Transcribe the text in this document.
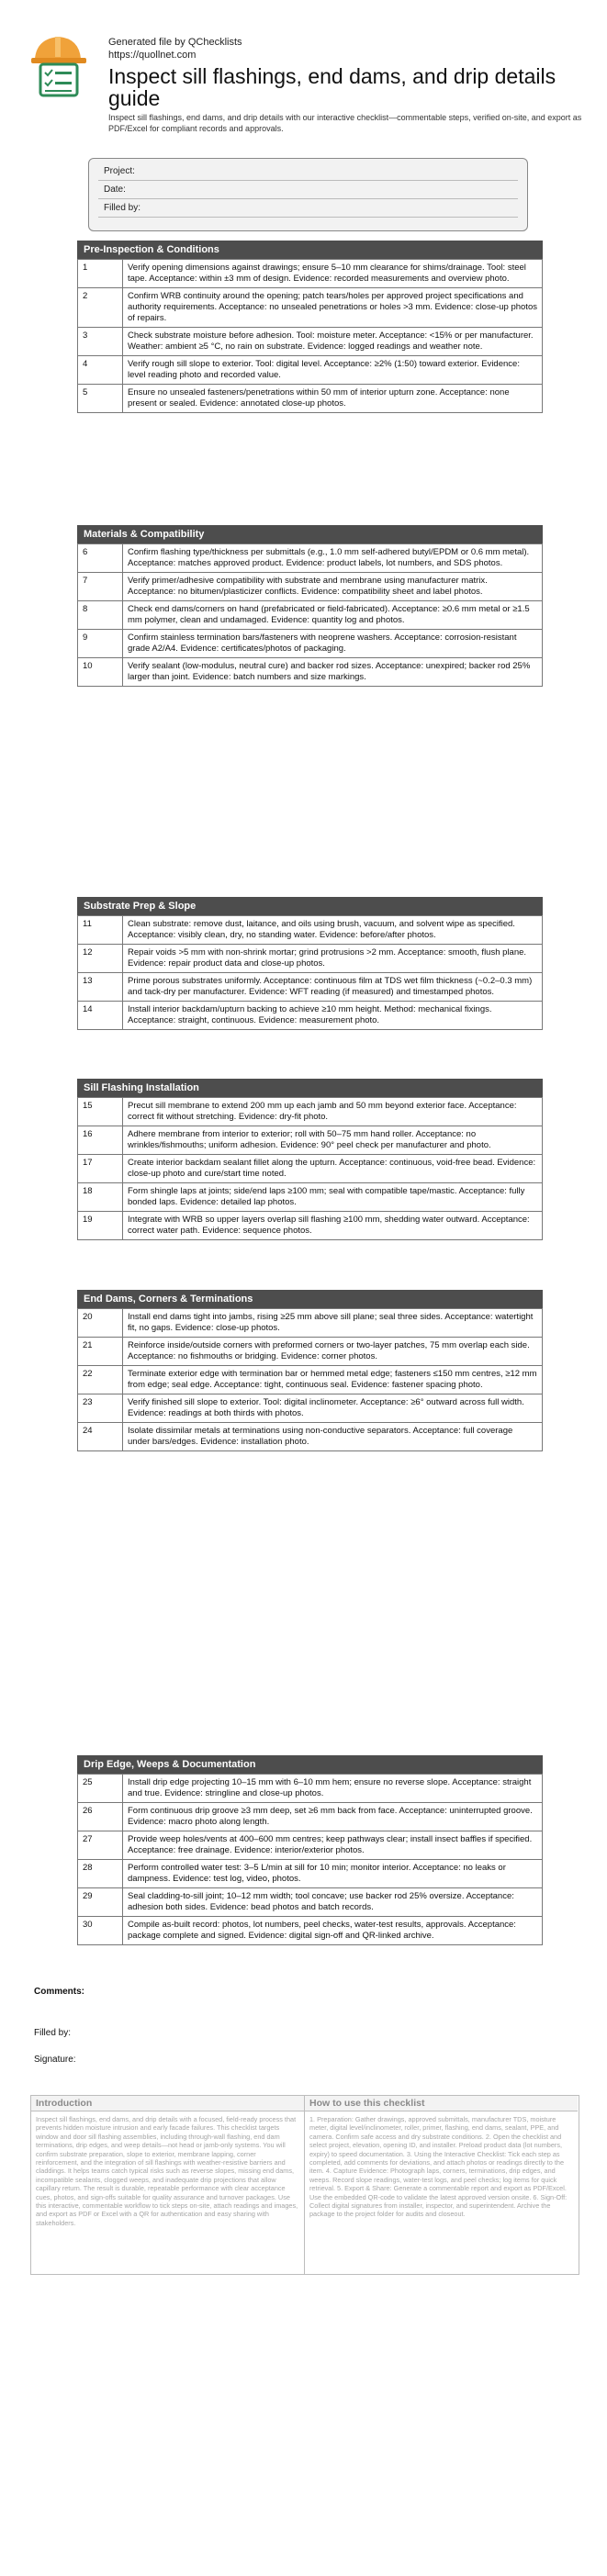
Generated file by QChecklists
https://quollnet.com
Inspect sill flashings, end dams, and drip details guide
Inspect sill flashings, end dams, and drip details with our interactive checklist—commentable steps, verified on-site, and export as PDF/Excel for compliant records and approvals.
Project:
Date:
Filled by:
Pre-Inspection & Conditions
1	Verify opening dimensions against drawings; ensure 5–10 mm clearance for shims/drainage. Tool: steel tape. Acceptance: within ±3 mm of design. Evidence: recorded measurements and overview photo.
2	Confirm WRB continuity around the opening; patch tears/holes per approved project specifications and authority requirements. Acceptance: no unsealed penetrations or holes >3 mm. Evidence: close-up photos of repairs.
3	Check substrate moisture before adhesion. Tool: moisture meter. Acceptance: <15% or per manufacturer. Weather: ambient ≥5 °C, no rain on substrate. Evidence: logged readings and weather note.
4	Verify rough sill slope to exterior. Tool: digital level. Acceptance: ≥2% (1:50) toward exterior. Evidence: level reading photo and recorded value.
5	Ensure no unsealed fasteners/penetrations within 50 mm of interior upturn zone. Acceptance: none present or sealed. Evidence: annotated close-up photos.
Materials & Compatibility
6	Confirm flashing type/thickness per submittals (e.g., 1.0 mm self-adhered butyl/EPDM or 0.6 mm metal). Acceptance: matches approved product. Evidence: product labels, lot numbers, and SDS photos.
7	Verify primer/adhesive compatibility with substrate and membrane using manufacturer matrix. Acceptance: no bitumen/plasticizer conflicts. Evidence: compatibility sheet and label photos.
8	Check end dams/corners on hand (prefabricated or field-fabricated). Acceptance: ≥0.6 mm metal or ≥1.5 mm polymer, clean and undamaged. Evidence: quantity log and photos.
9	Confirm stainless termination bars/fasteners with neoprene washers. Acceptance: corrosion-resistant grade A2/A4. Evidence: certificates/photos of packaging.
10	Verify sealant (low-modulus, neutral cure) and backer rod sizes. Acceptance: unexpired; backer rod 25% larger than joint. Evidence: batch numbers and size markings.
Substrate Prep & Slope
11	Clean substrate: remove dust, laitance, and oils using brush, vacuum, and solvent wipe as specified. Acceptance: visibly clean, dry, no standing water. Evidence: before/after photos.
12	Repair voids >5 mm with non-shrink mortar; grind protrusions >2 mm. Acceptance: smooth, flush plane. Evidence: repair product data and close-up photos.
13	Prime porous substrates uniformly. Acceptance: continuous film at TDS wet film thickness (~0.2–0.3 mm) and tack-dry per manufacturer. Evidence: WFT reading (if measured) and timestamped photos.
14	Install interior backdam/upturn backing to achieve ≥10 mm height. Method: mechanical fixings. Acceptance: straight, continuous. Evidence: measurement photo.
Sill Flashing Installation
15	Precut sill membrane to extend 200 mm up each jamb and 50 mm beyond exterior face. Acceptance: correct fit without stretching. Evidence: dry-fit photo.
16	Adhere membrane from interior to exterior; roll with 50–75 mm hand roller. Acceptance: no wrinkles/fishmouths; uniform adhesion. Evidence: 90° peel check per manufacturer and photo.
17	Create interior backdam sealant fillet along the upturn. Acceptance: continuous, void-free bead. Evidence: close-up photo and cure/start time noted.
18	Form shingle laps at joints; side/end laps ≥100 mm; seal with compatible tape/mastic. Acceptance: fully bonded laps. Evidence: detailed lap photos.
19	Integrate with WRB so upper layers overlap sill flashing ≥100 mm, shedding water outward. Acceptance: correct water path. Evidence: sequence photos.
End Dams, Corners & Terminations
20	Install end dams tight into jambs, rising ≥25 mm above sill plane; seal three sides. Acceptance: watertight fit, no gaps. Evidence: close-up photos.
21	Reinforce inside/outside corners with preformed corners or two-layer patches, 75 mm overlap each side. Acceptance: no fishmouths or bridging. Evidence: corner photos.
22	Terminate exterior edge with termination bar or hemmed metal edge; fasteners ≤150 mm centres, ≥12 mm from edge; seal edge. Acceptance: tight, continuous seal. Evidence: fastener spacing photo.
23	Verify finished sill slope to exterior. Tool: digital inclinometer. Acceptance: ≥6° outward across full width. Evidence: readings at both thirds with photos.
24	Isolate dissimilar metals at terminations using non-conductive separators. Acceptance: full coverage under bars/edges. Evidence: installation photo.
Drip Edge, Weeps & Documentation
25	Install drip edge projecting 10–15 mm with 6–10 mm hem; ensure no reverse slope. Acceptance: straight and true. Evidence: stringline and close-up photos.
26	Form continuous drip groove ≥3 mm deep, set ≥6 mm back from face. Acceptance: uninterrupted groove. Evidence: macro photo along length.
27	Provide weep holes/vents at 400–600 mm centres; keep pathways clear; install insect baffles if specified. Acceptance: free drainage. Evidence: interior/exterior photos.
28	Perform controlled water test: 3–5 L/min at sill for 10 min; monitor interior. Acceptance: no leaks or dampness. Evidence: test log, video, photos.
29	Seal cladding-to-sill joint; 10–12 mm width; tool concave; use backer rod 25% oversize. Acceptance: adhesion both sides. Evidence: bead photos and batch records.
30	Compile as-built record: photos, lot numbers, peel checks, water-test results, approvals. Acceptance: package complete and signed. Evidence: digital sign-off and QR-linked archive.
Comments:
Filled by:
Signature:
Introduction
Inspect sill flashings, end dams, and drip details with a focused, field-ready process that prevents hidden moisture intrusion and early facade failures. This checklist targets window and door sill flashing assemblies, including through-wall flashing, end dam terminations, drip edges, and weep details—not head or jamb-only systems. You will confirm substrate preparation, slope to exterior, membrane lapping, corner reinforcement, and the integration of sill flashings with weather-resistive barriers and claddings. It helps teams catch typical risks such as reverse slopes, missing end dams, incompatible sealants, clogged weeps, and inadequate drip projections that allow capillary return. The result is durable, repeatable performance with clear acceptance cues, photos, and sign-offs suitable for quality assurance and turnover packages. Use this interactive, commentable workflow to tick steps on-site, attach readings and images, and export as PDF or Excel with a QR for authentication and easy sharing with stakeholders.
How to use this checklist
1. Preparation: Gather drawings, approved submittals, manufacturer TDS, moisture meter, digital level/inclinometer, roller, primer, flashing, end dams, sealant, PPE, and camera. Confirm safe access and dry substrate conditions. 2. Open the checklist and select project, elevation, opening ID, and installer. Preload product data (lot numbers, expiry) to speed documentation. 3. Using the Interactive Checklist: Tick each step as completed, add comments for deviations, and attach photos or readings directly to the item. 4. Capture Evidence: Photograph laps, corners, terminations, drip edges, and weeps. Record slope readings, water-test logs, and peel checks; log items for quick retrieval. 5. Export & Share: Generate a commentable report and export as PDF/Excel. Use the embedded QR-code to validate the latest approved version onsite. 6. Sign-Off: Collect digital signatures from installer, inspector, and superintendent. Archive the package to the project folder for audits and closeout.
